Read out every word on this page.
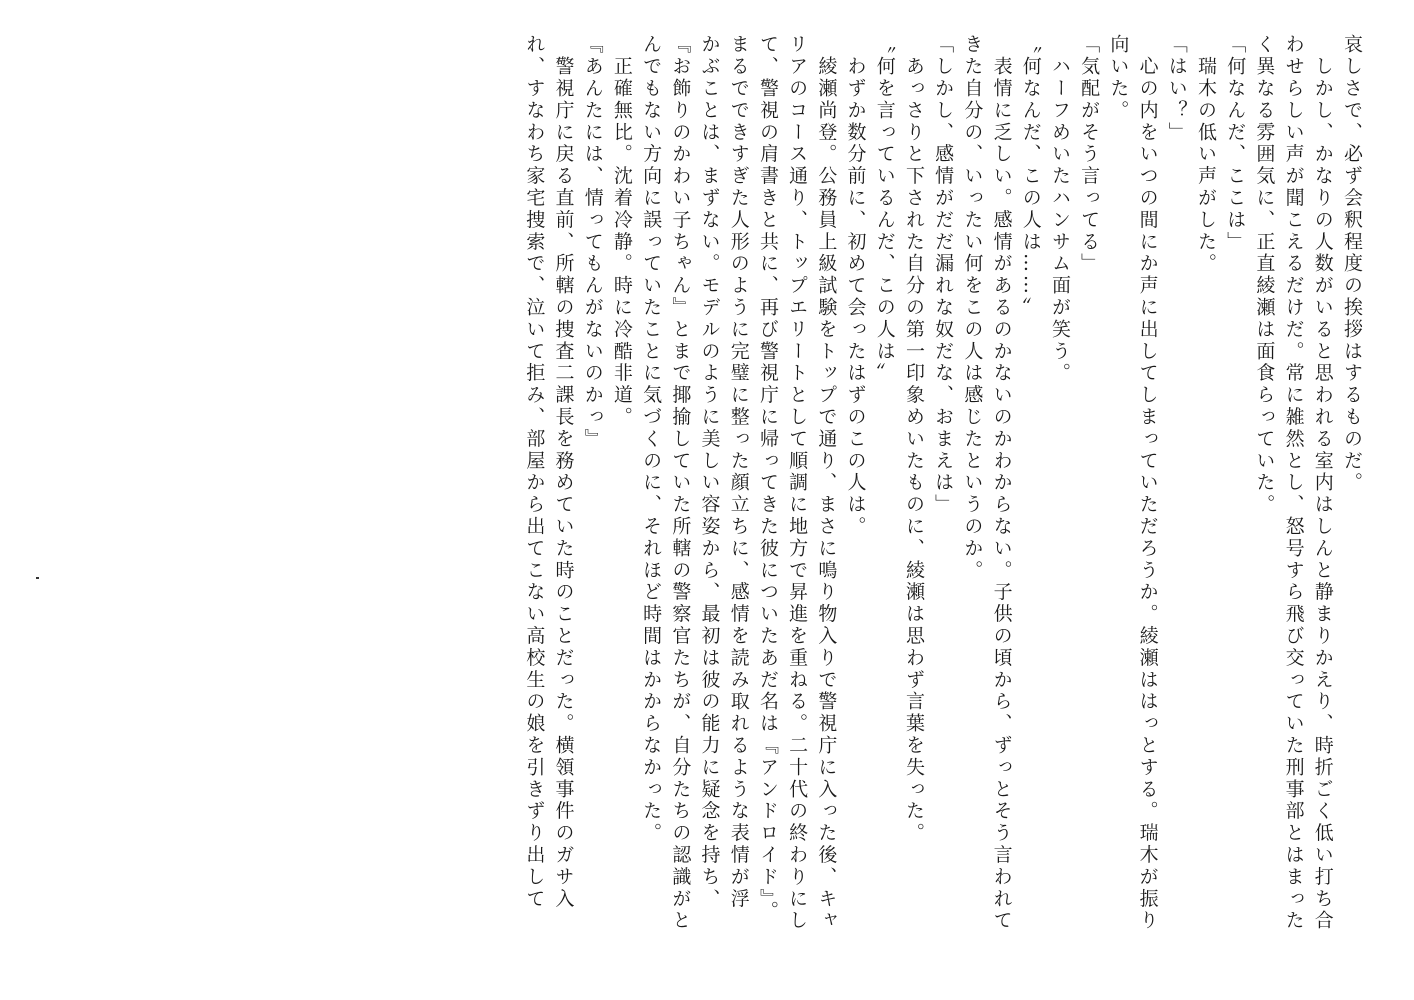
哀しさで、必ず会釈程度の挨拶はするものだ。
　しかし、かなりの人数がいると思われる室内はしんと静まりかえり、時折ごく低い打ち合
わせらしい声が聞こえるだけだ。常に雑然とし、怒号すら飛び交っていた刑事部とはまった
く異なる雰囲気に、正直綾瀬は面食らっていた。
「何なんだ、ここは」
　瑞木の低い声がした。
「はい？」
　心の内をいつの間にか声に出してしまっていただろうか。綾瀬ははっとする。瑞木が振り
向いた。
「気配がそう言ってる」
　ハーフめいたハンサム面が笑う。
〝何なんだ、この人は……〟
　表情に乏しい。感情があるのかないのかわからない。子供の頃から、ずっとそう言われて
きた自分の、いったい何をこの人は感じたというのか。
「しかし、感情がだだ漏れな奴だな、おまえは」
　あっさりと下された自分の第一印象めいたものに、綾瀬は思わず言葉を失った。
〝何を言っているんだ、この人は〟
　わずか数分前に、初めて会ったはずのこの人は。
　綾瀬尚登。公務員上級試験をトップで通り、まさに鳴り物入りで警視庁に入った後、キャ
リアのコース通り、トップエリートとして順調に地方で昇進を重ねる。二十代の終わりにし
て、警視の肩書きと共に、再び警視庁に帰ってきた彼についたあだ名は『アンドロイド』。
まるでできすぎた人形のように完璧に整った顔立ちに、感情を読み取れるような表情が浮
かぶことは、まずない。モデルのように美しい容姿から、最初は彼の能力に疑念を持ち、
『お飾りのかわい子ちゃん』とまで揶揄していた所轄の警察官たちが、自分たちの認識がと
んでもない方向に誤っていたことに気づくのに、それほど時間はかからなかった。
　正確無比。沈着冷静。時に冷酷非道。
『あんたには、情ってもんがないのかっ』
　警視庁に戻る直前、所轄の捜査二課長を務めていた時のことだった。横領事件のガサ入
れ、すなわち家宅捜索で、泣いて拒み、部屋から出てこない高校生の娘を引きずり出して
